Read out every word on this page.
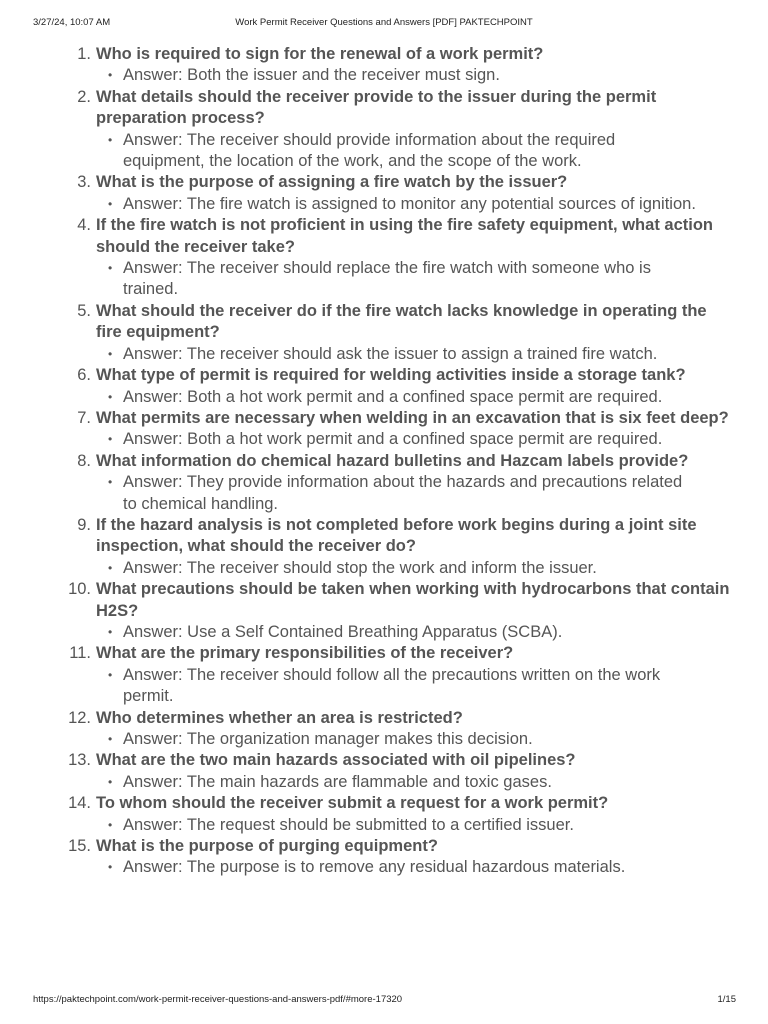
3/27/24, 10:07 AM	Work Permit Receiver Questions and Answers [PDF] PAKTECHPOINT
1. Who is required to sign for the renewal of a work permit?
• Answer: Both the issuer and the receiver must sign.
2. What details should the receiver provide to the issuer during the permit preparation process?
• Answer: The receiver should provide information about the required equipment, the location of the work, and the scope of the work.
3. What is the purpose of assigning a fire watch by the issuer?
• Answer: The fire watch is assigned to monitor any potential sources of ignition.
4. If the fire watch is not proficient in using the fire safety equipment, what action should the receiver take?
• Answer: The receiver should replace the fire watch with someone who is trained.
5. What should the receiver do if the fire watch lacks knowledge in operating the fire equipment?
• Answer: The receiver should ask the issuer to assign a trained fire watch.
6. What type of permit is required for welding activities inside a storage tank?
• Answer: Both a hot work permit and a confined space permit are required.
7. What permits are necessary when welding in an excavation that is six feet deep?
• Answer: Both a hot work permit and a confined space permit are required.
8. What information do chemical hazard bulletins and Hazcam labels provide?
• Answer: They provide information about the hazards and precautions related to chemical handling.
9. If the hazard analysis is not completed before work begins during a joint site inspection, what should the receiver do?
• Answer: The receiver should stop the work and inform the issuer.
10. What precautions should be taken when working with hydrocarbons that contain H2S?
• Answer: Use a Self Contained Breathing Apparatus (SCBA).
11. What are the primary responsibilities of the receiver?
• Answer: The receiver should follow all the precautions written on the work permit.
12. Who determines whether an area is restricted?
• Answer: The organization manager makes this decision.
13. What are the two main hazards associated with oil pipelines?
• Answer: The main hazards are flammable and toxic gases.
14. To whom should the receiver submit a request for a work permit?
• Answer: The request should be submitted to a certified issuer.
15. What is the purpose of purging equipment?
• Answer: The purpose is to remove any residual hazardous materials.
https://paktechpoint.com/work-permit-receiver-questions-and-answers-pdf/#more-17320	1/15
